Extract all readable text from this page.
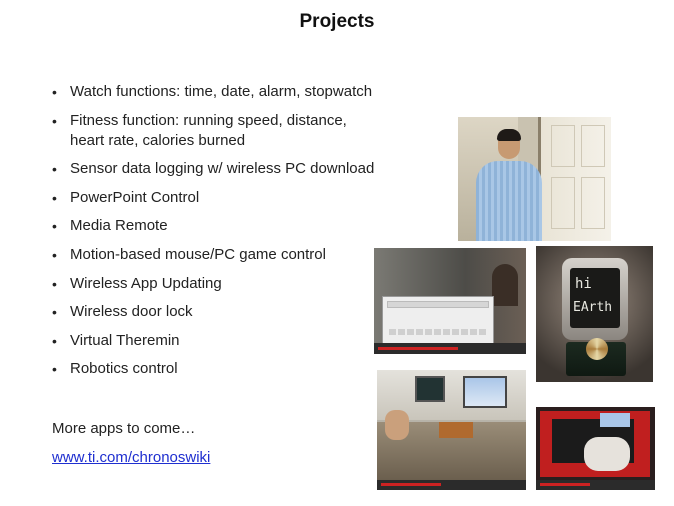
Projects
• Watch functions: time, date, alarm, stopwatch
• Fitness function: running speed, distance, heart rate, calories burned
• Sensor data logging w/ wireless PC download
• PowerPoint Control
• Media Remote
• Motion-based mouse/PC game control
• Wireless App Updating
• Wireless door lock
• Virtual Theremin
• Robotics control
More apps to come…
www.ti.com/chronoswiki
hi
EArth
